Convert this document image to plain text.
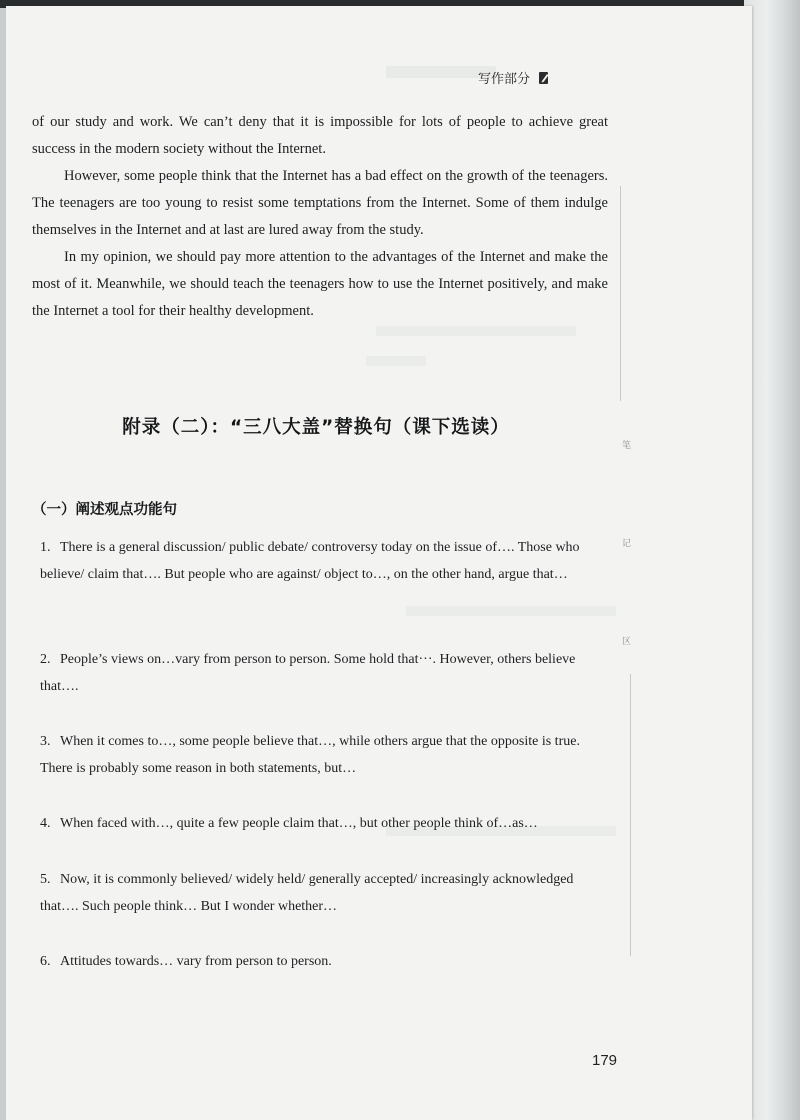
写作部分

of our study and work. We can’t deny that it is impossible for lots of people to achieve great success in the modern society without the Internet.

However, some people think that the Internet has a bad effect on the growth of the teenagers. The teenagers are too young to resist some temptations from the Internet. Some of them indulge themselves in the Internet and at last are lured away from the study.

In my opinion, we should pay more attention to the advantages of the Internet and make the most of it. Meanwhile, we should teach the teenagers how to use the Internet positively, and make the Internet a tool for their healthy development.

附录（二）：“三八大盖”替换句（课下选读）
（一）阐述观点功能句
笔
记
区

1. There is a general discussion/ public debate/ controversy today on the issue of…. Those who believe/ claim that…. But people who are against/ object to…, on the other hand, argue that…

2. People’s views on…vary from person to person. Some hold that···. However, others believe that….

3. When it comes to…, some people believe that…, while others argue that the opposite is true. There is probably some reason in both statements, but…

4. When faced with…, quite a few people claim that…, but other people think of…as…

5. Now, it is commonly believed/ widely held/ generally accepted/ increasingly acknowledged that…. Such people think… But I wonder whether…

6. Attitudes towards… vary from person to person.

179
